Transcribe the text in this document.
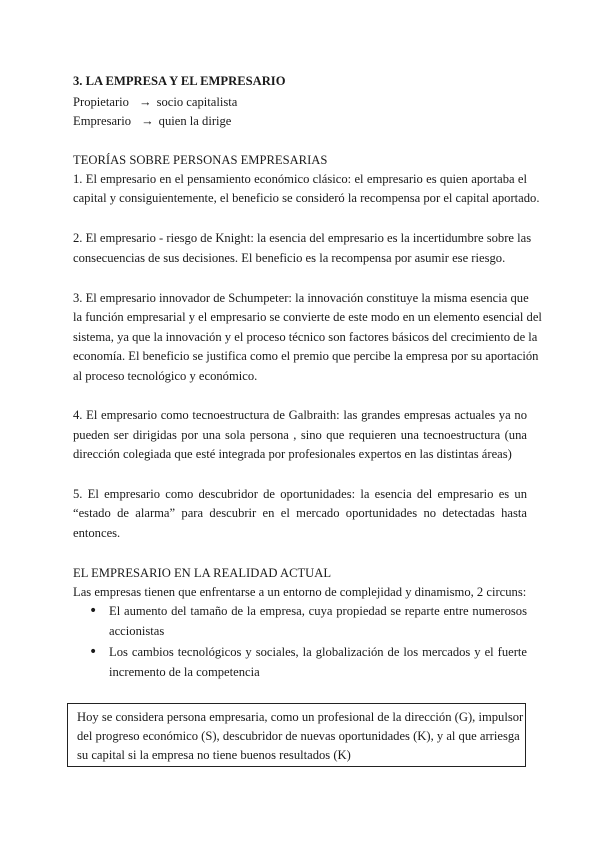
3. LA EMPRESA Y EL EMPRESARIO
Propietario → socio capitalista
Empresario → quien la dirige
TEORÍAS SOBRE PERSONAS EMPRESARIAS
1. El empresario en el pensamiento económico clásico: el empresario es quien aportaba el
capital y consiguientemente, el beneficio se consideró la recompensa por el capital aportado.
2. El empresario - riesgo de Knight: la esencia del empresario es la incertidumbre sobre las
consecuencias de sus decisiones. El beneficio es la recompensa por asumir ese riesgo.
3. El empresario innovador de Schumpeter: la innovación constituye la misma esencia que
la función empresarial y el empresario se convierte de este modo en un elemento esencial del
sistema, ya que la innovación y el proceso técnico son factores básicos del crecimiento de la
economía. El beneficio se justifica como el premio que percibe la empresa por su aportación
al proceso tecnológico y económico.
4. El empresario como tecnoestructura de Galbraith: las grandes empresas actuales ya no
pueden ser dirigidas por una sola persona , sino que requieren una tecnoestructura (una
dirección colegiada que esté integrada por profesionales expertos en las distintas áreas)
5. El empresario como descubridor de oportunidades: la esencia del empresario es un
“estado de alarma” para descubrir en el mercado oportunidades no detectadas hasta
entonces.
EL EMPRESARIO EN LA REALIDAD ACTUAL
Las empresas tienen que enfrentarse a un entorno de complejidad y dinamismo, 2 circuns:
• El aumento del tamaño de la empresa, cuya propiedad se reparte entre numerosos
accionistas
• Los cambios tecnológicos y sociales, la globalización de los mercados y el fuerte
incremento de la competencia
Hoy se considera persona empresaria, como un profesional de la dirección (G), impulsor
del progreso económico (S), descubridor de nuevas oportunidades (K), y al que arriesga
su capital si la empresa no tiene buenos resultados (K)
